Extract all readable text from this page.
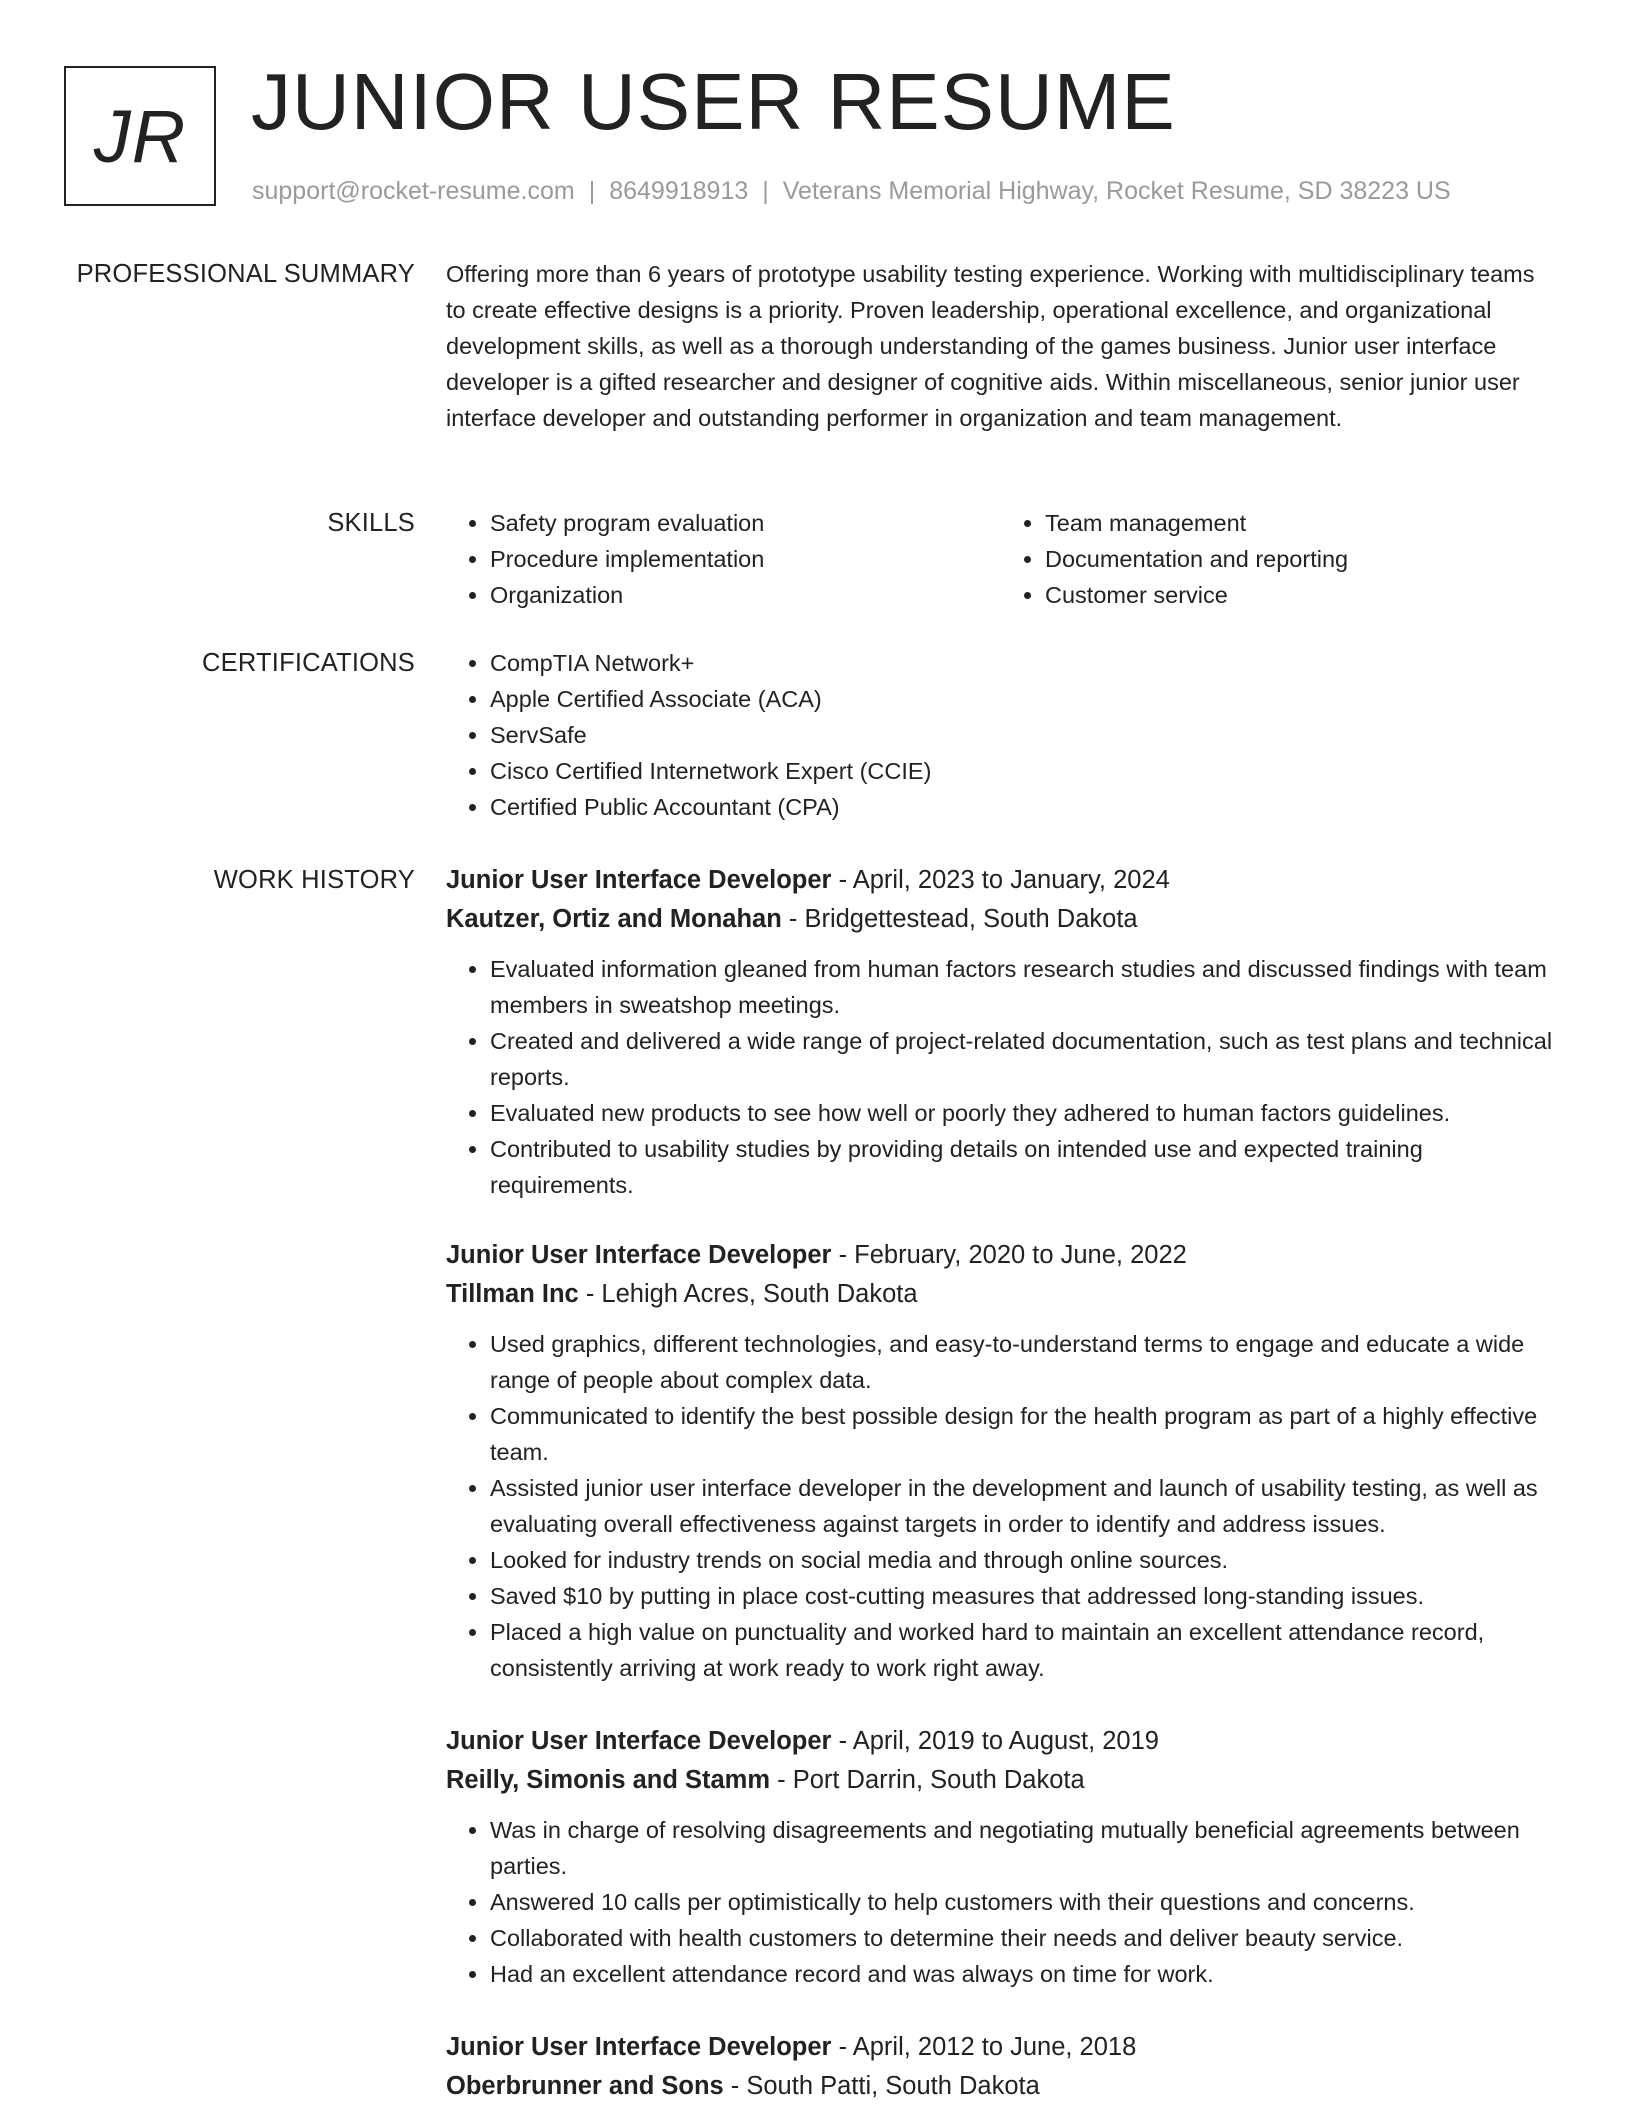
JR JUNIOR USER RESUME
support@rocket-resume.com | 8649918913 | Veterans Memorial Highway, Rocket Resume, SD 38223 US
PROFESSIONAL SUMMARY Offering more than 6 years of prototype usability testing experience. Working with multidisciplinary teams to create effective designs is a priority. Proven leadership, operational excellence, and organizational development skills, as well as a thorough understanding of the games business. Junior user interface developer is a gifted researcher and designer of cognitive aids. Within miscellaneous, senior junior user interface developer and outstanding performer in organization and team management.

SKILLS	• Safety program evaluation
• Procedure implementation
• Organization
• Team management
• Documentation and reporting
• Customer service
CERTIFICATIONS	• CompTIA Network+
• Apple Certified Associate (ACA)
• ServSafe
• Cisco Certified Internetwork Expert (CCIE)
• Certified Public Accountant (CPA)
WORK HISTORY Junior User Interface Developer - April, 2023 to January, 2024
Kautzer, Ortiz and Monahan - Bridgettestead, South Dakota
• Evaluated information gleaned from human factors research studies and discussed findings with team members in sweatshop meetings.
• Created and delivered a wide range of project-related documentation, such as test plans and technical reports.
• Evaluated new products to see how well or poorly they adhered to human factors guidelines.
• Contributed to usability studies by providing details on intended use and expected training requirements.
Junior User Interface Developer - February, 2020 to June, 2022
Tillman Inc - Lehigh Acres, South Dakota
• Used graphics, different technologies, and easy-to-understand terms to engage and educate a wide range of people about complex data.
• Communicated to identify the best possible design for the health program as part of a highly effective team.
• Assisted junior user interface developer in the development and launch of usability testing, as well as evaluating overall effectiveness against targets in order to identify and address issues.
• Looked for industry trends on social media and through online sources.
• Saved $10 by putting in place cost-cutting measures that addressed long-standing issues.
• Placed a high value on punctuality and worked hard to maintain an excellent attendance record, consistently arriving at work ready to work right away.
Junior User Interface Developer - April, 2019 to August, 2019
Reilly, Simonis and Stamm - Port Darrin, South Dakota
• Was in charge of resolving disagreements and negotiating mutually beneficial agreements between parties.
• Answered 10 calls per optimistically to help customers with their questions and concerns.
• Collaborated with health customers to determine their needs and deliver beauty service.
• Had an excellent attendance record and was always on time for work.
Junior User Interface Developer - April, 2012 to June, 2018
Oberbrunner and Sons - South Patti, South Dakota
